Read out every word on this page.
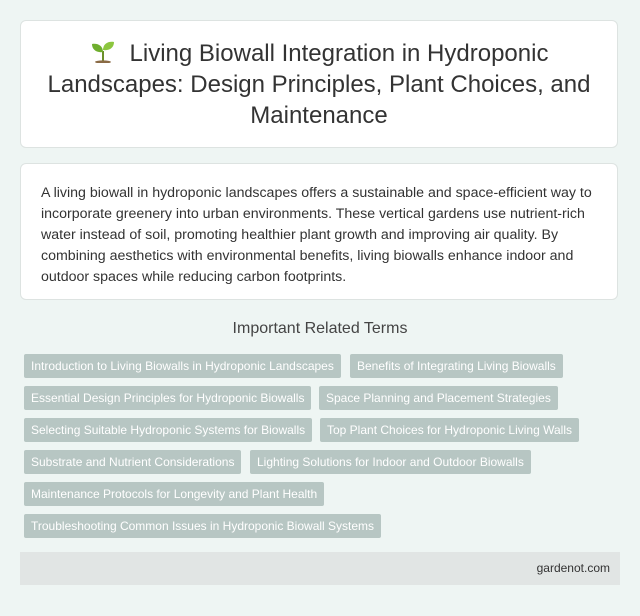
Living Biowall Integration in Hydroponic Landscapes: Design Principles, Plant Choices, and Maintenance

A living biowall in hydroponic landscapes offers a sustainable and space-efficient way to incorporate greenery into urban environments. These vertical gardens use nutrient-rich water instead of soil, promoting healthier plant growth and improving air quality. By combining aesthetics with environmental benefits, living biowalls enhance indoor and outdoor spaces while reducing carbon footprints.

Important Related Terms
Introduction to Living Biowalls in Hydroponic Landscapes	Benefits of Integrating Living Biowalls
Essential Design Principles for Hydroponic Biowalls	Space Planning and Placement Strategies
Selecting Suitable Hydroponic Systems for Biowalls	Top Plant Choices for Hydroponic Living Walls
Substrate and Nutrient Considerations	Lighting Solutions for Indoor and Outdoor Biowalls
Maintenance Protocols for Longevity and Plant Health
Troubleshooting Common Issues in Hydroponic Biowall Systems
gardenot.com
